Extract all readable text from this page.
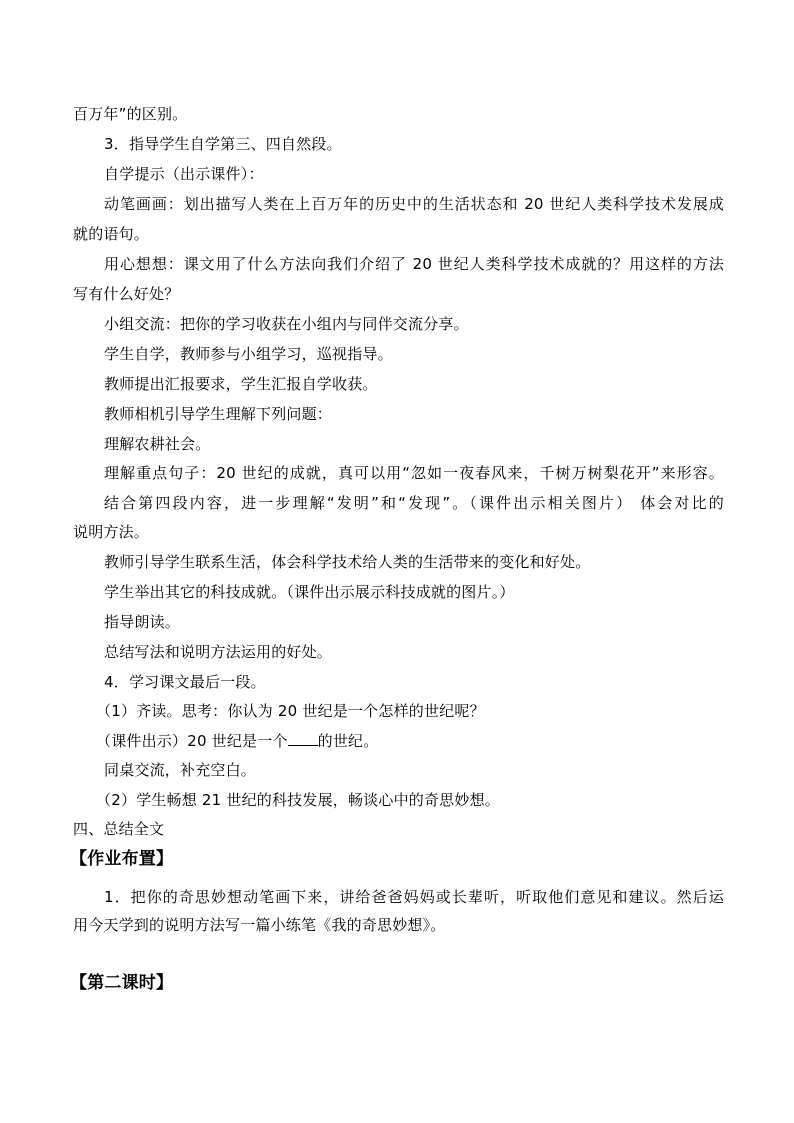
百万年”的区别。
3．指导学生自学第三、四自然段。
自学提示（出示课件）：
动笔画画：划出描写人类在上百万年的历史中的生活状态和 20 世纪人类科学技术发展成
就的语句。
用心想想：课文用了什么方法向我们介绍了 20 世纪人类科学技术成就的？用这样的方法
写有什么好处？
小组交流：把你的学习收获在小组内与同伴交流分享。
学生自学，教师参与小组学习，巡视指导。
教师提出汇报要求，学生汇报自学收获。
教师相机引导学生理解下列问题：
理解农耕社会。
理解重点句子：20 世纪的成就，真可以用“忽如一夜春风来，千树万树梨花开”来形容。
结合第四段内容，进一步理解“发明”和“发现”。（课件出示相关图片） 体会对比的
说明方法。
教师引导学生联系生活，体会科学技术给人类的生活带来的变化和好处。
学生举出其它的科技成就。（课件出示展示科技成就的图片。）
指导朗读。
总结写法和说明方法运用的好处。
4．学习课文最后一段。
（1）齐读。思考：你认为 20 世纪是一个怎样的世纪呢？
（课件出示）20 世纪是一个 的世纪。
同桌交流，补充空白。
（2）学生畅想 21 世纪的科技发展，畅谈心中的奇思妙想。
四、总结全文
【作业布置】
1．把你的奇思妙想动笔画下来，讲给爸爸妈妈或长辈听，听取他们意见和建议。然后运
用今天学到的说明方法写一篇小练笔《我的奇思妙想》。
【第二课时】
